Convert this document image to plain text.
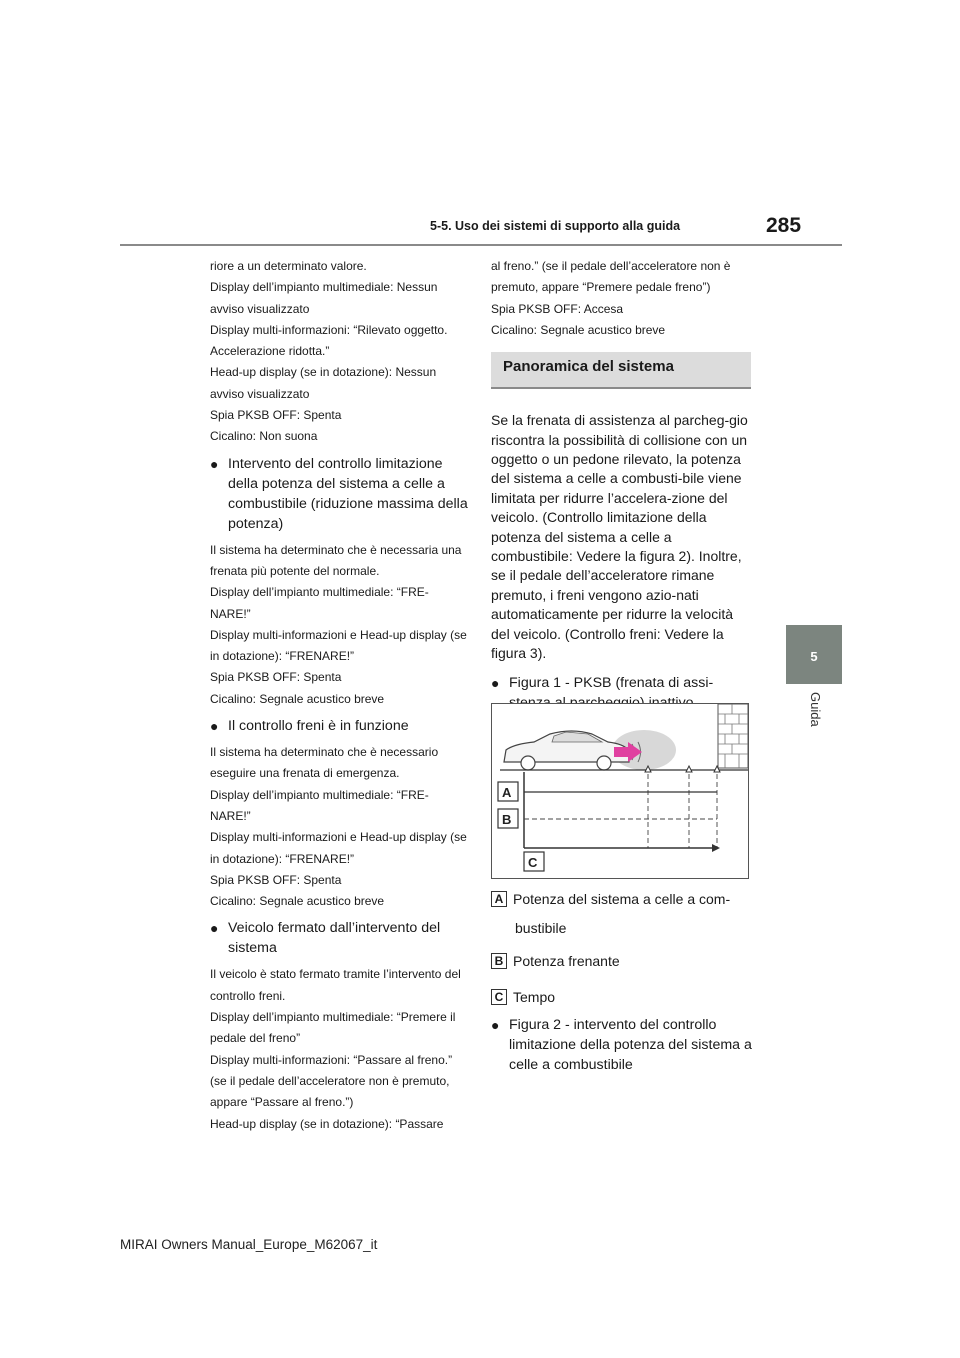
5-5. Uso dei sistemi di supporto alla guida	285
5
Guida

riore a un determinato valore.

Display dell’impianto multimediale: Nessun avviso visualizzato

Display multi-informazioni: “Rilevato oggetto. Accelerazione ridotta.”

Head-up display (se in dotazione): Nessun avviso visualizzato

Spia PKSB OFF: Spenta

Cicalino: Non suona

● Intervento del controllo limitazione della potenza del sistema a celle a combustibile (riduzione massima della potenza)

Il sistema ha determinato che è necessaria una frenata più potente del normale.

Display dell’impianto multimediale: “FRE-NARE!”

Display multi-informazioni e Head-up display (se in dotazione): “FRENARE!”

Spia PKSB OFF: Spenta

Cicalino: Segnale acustico breve

● Il controllo freni è in funzione

Il sistema ha determinato che è necessario eseguire una frenata di emergenza.

Display dell’impianto multimediale: “FRE-NARE!”

Display multi-informazioni e Head-up display (se in dotazione): “FRENARE!”

Spia PKSB OFF: Spenta

Cicalino: Segnale acustico breve

● Veicolo fermato dall’intervento del sistema

Il veicolo è stato fermato tramite l’intervento del controllo freni.

Display dell’impianto multimediale: “Premere il pedale del freno”

Display multi-informazioni: “Passare al freno.” (se il pedale dell’acceleratore non è premuto, appare “Passare al freno.”)

Head-up display (se in dotazione): “Passare

al freno.” (se il pedale dell’acceleratore non è premuto, appare “Premere pedale freno”)

Spia PKSB OFF: Accesa

Cicalino: Segnale acustico breve

Panoramica del sistema

Se la frenata di assistenza al parcheg-gio riscontra la possibilità di collisione con un oggetto o un pedone rilevato, la potenza del sistema a celle a combusti-bile viene limitata per ridurre l’accelera-zione del veicolo. (Controllo limitazione della potenza del sistema a celle a combustibile: Vedere la figura 2). Inoltre, se il pedale dell’acceleratore rimane premuto, i freni vengono azio-nati automaticamente per ridurre la velocità del veicolo. (Controllo freni: Vedere la figura 3).

● Figura 1 - PKSB (frenata di assi-
A
B
C
A Potenza del sistema a celle a com-
bustibile
B Potenza frenante
C Tempo
● Figura 2 - intervento del controllo limitazione della potenza del sistema a celle a combustibile
MIRAI Owners Manual_Europe_M62067_it
